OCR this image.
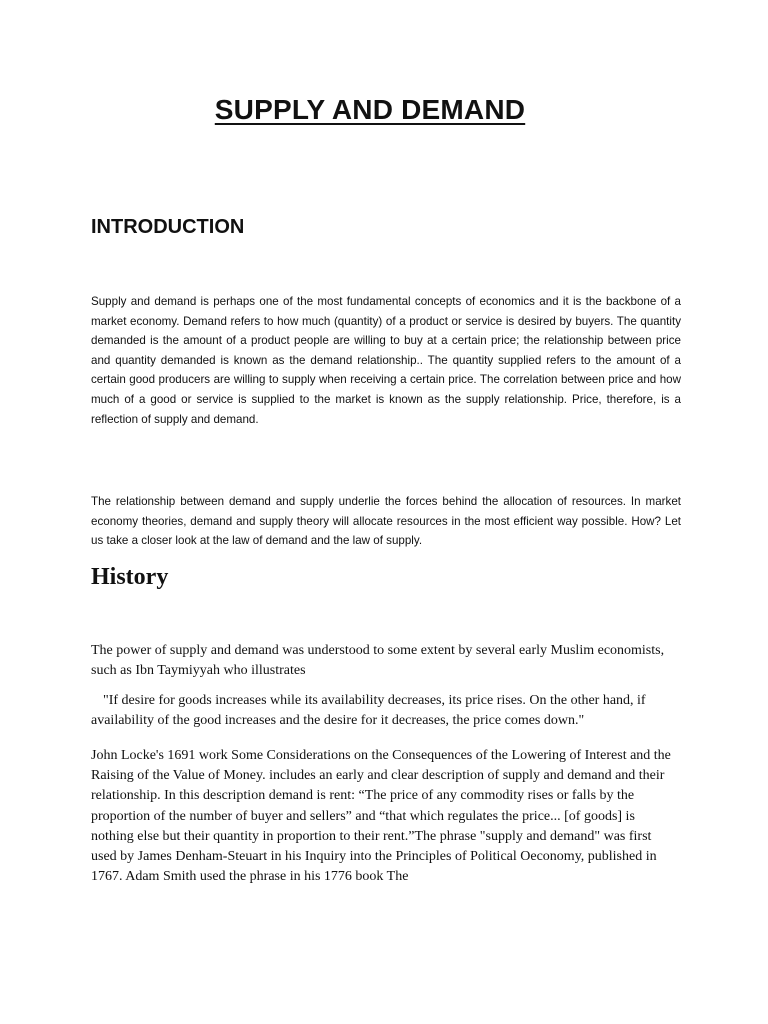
SUPPLY AND DEMAND
INTRODUCTION

Supply and demand is perhaps one of the most fundamental concepts of economics and it is the backbone of a market economy. Demand refers to how much (quantity) of a product or service is desired by buyers. The quantity demanded is the amount of a product people are willing to buy at a certain price; the relationship between price and quantity demanded is known as the demand relationship.. The quantity supplied refers to the amount of a certain good producers are willing to supply when receiving a certain price. The correlation between price and how much of a good or service is supplied to the market is known as the supply relationship. Price, therefore, is a reflection of supply and demand.

The relationship between demand and supply underlie the forces behind the allocation of resources. In market economy theories, demand and supply theory will allocate resources in the most efficient way possible. How? Let us take a closer look at the law of demand and the law of supply.

History

The power of supply and demand was understood to some extent by several early Muslim economists, such as Ibn Taymiyyah who illustrates

"If desire for goods increases while its availability decreases, its price rises. On the other hand, if availability of the good increases and the desire for it decreases, the price comes down."

John Locke's 1691 work Some Considerations on the Consequences of the Lowering of Interest and the Raising of the Value of Money. includes an early and clear description of supply and demand and their relationship. In this description demand is rent: “The price of any commodity rises or falls by the proportion of the number of buyer and sellers” and “that which regulates the price... [of goods] is nothing else but their quantity in proportion to their rent.”The phrase "supply and demand" was first used by James Denham-Steuart in his Inquiry into the Principles of Political Oeconomy, published in 1767. Adam Smith used the phrase in his 1776 book The
